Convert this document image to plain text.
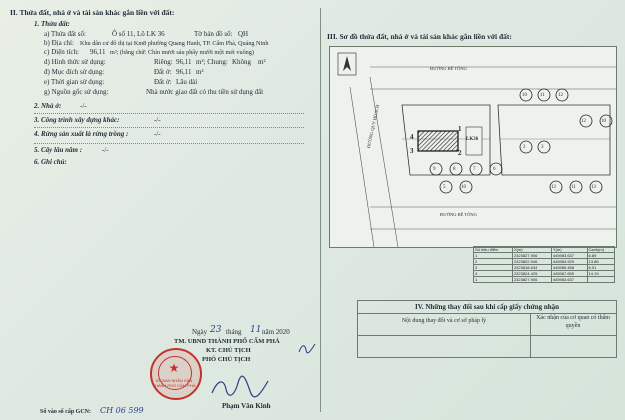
II. Thửa đất, nhà ở và tài sản khác gắn liền với đất:
1. Thửa đất:
a) Thửa đất số:	Ô số 11, Lô LK 36	Tờ bản đồ số: QH
b) Địa chỉ: Khu dân cư đô thị tại Km8 phường Quang Hanh, TP. Cẩm Phả, Quảng Ninh
c) Diện tích: 96,11 m²; (bằng chữ: Chín mươi sáu phẩy mười một mét vuông)
d) Hình thức sử dụng:	Riêng: 96,11 m²; Chung: Không m²
đ) Mục đích sử dụng:	Đất ở: 96,11 m²
e) Thời gian sử dụng:	Đất ở: Lâu dài
g) Nguồn gốc sử dụng:	Nhà nước giao đất có thu tiền sử dụng đất
2. Nhà ở:	-/-
3. Công trình xây dựng khác:	-/-
4. Rừng sản xuất là rừng trồng :	-/-
5. Cây lâu năm :	-/-
6. Ghi chú:
Ngày 23 tháng 11 năm 2020
TM. UBND THÀNH PHỐ CẨM PHẢ
KT. CHỦ TỊCH
PHÓ CHỦ TỊCH
Phạm Văn Kinh
Số vào sổ cấp GCN: CH 06 599
★
ỦY BAN NHÂN DÂN THÀNH PHỐ CẨM PHẢ
III. Sơ đồ thửa đất, nhà ở và tài sản khác gắn liền với đất:
ĐƯỜNG BÊ TÔNG
ĐƯỜNG BÊ TÔNG
ĐƯỜNG QUY HOẠCH	LK36
4
3
1
2
10	11	12
9	8	7	6
5	10	12
2	3
11	13
12	10
Số hiệu điểm	X(m)	Y(m)	Cạnh(m)
1	2323827.906	445983.637	6.89
2	2323822.946	445984.929	13.86
3	2323818.634	445985.458	6.51
4	2323824.425	445987.659	14.19
1	2323827.906	445983.637	
IV. Những thay đổi sau khi cấp giấy chứng nhận
Nội dung thay đổi và cơ sở pháp lý	Xác nhận của cơ quan có thẩm quyền
